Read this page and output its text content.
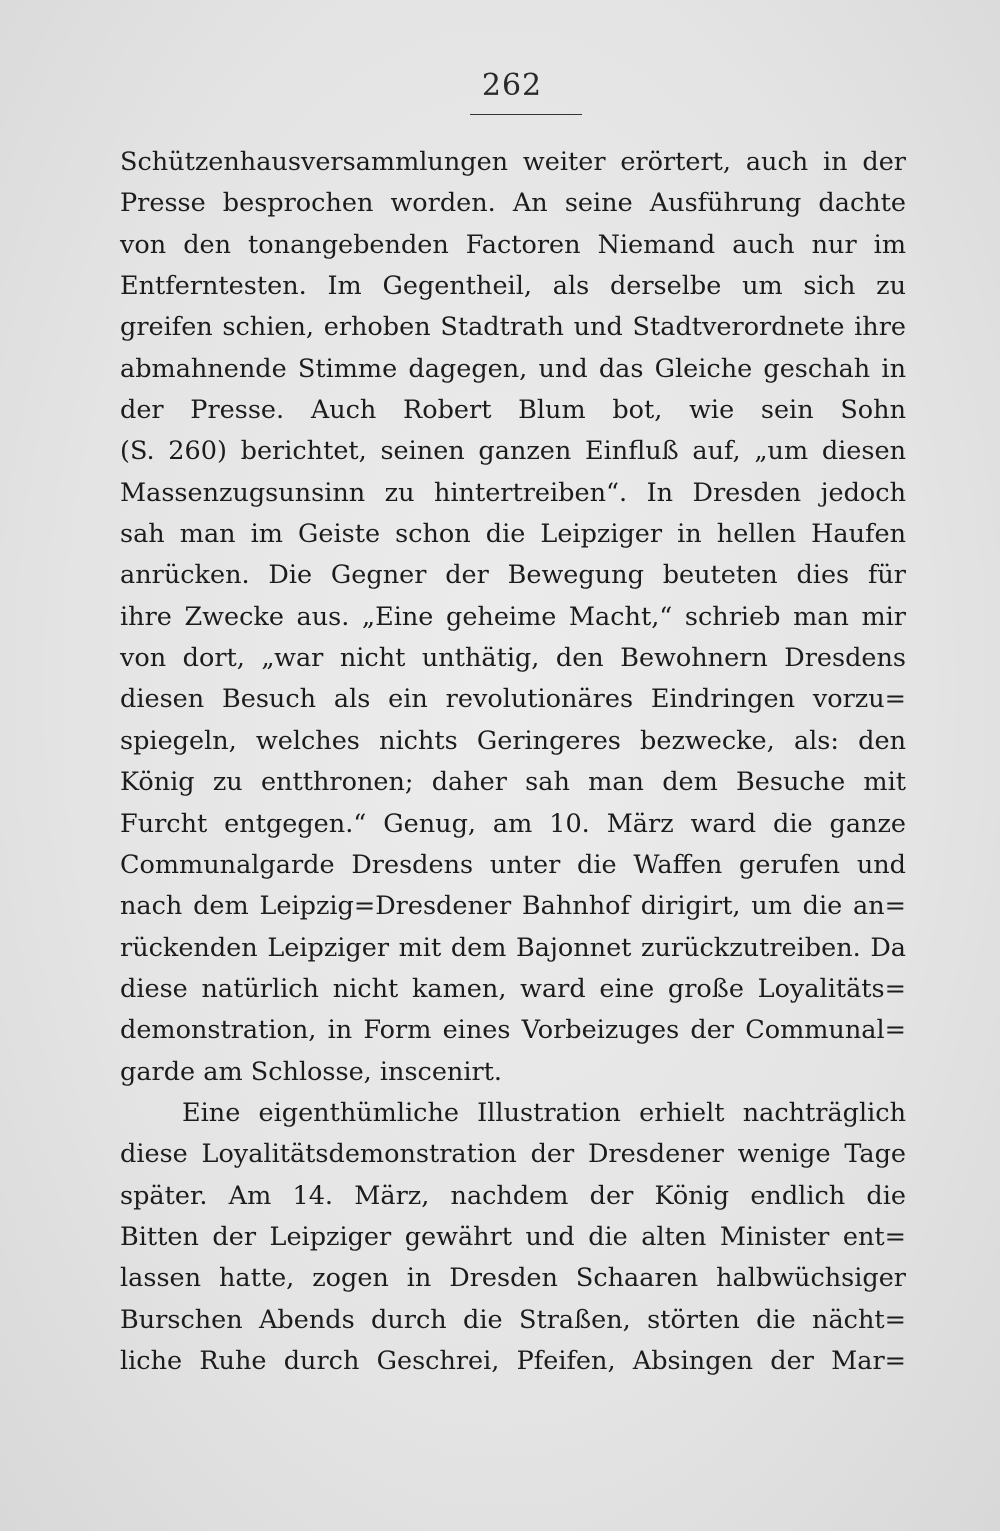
262
Schützenhausversammlungen weiter erörtert, auch in der
Presse besprochen worden. An seine Ausführung dachte
von den tonangebenden Factoren Niemand auch nur im
Entferntesten. Im Gegentheil, als derselbe um sich zu
greifen schien, erhoben Stadtrath und Stadtverordnete ihre
abmahnende Stimme dagegen, und das Gleiche geschah in
der Presse. Auch Robert Blum bot, wie sein Sohn
(S. 260) berichtet, seinen ganzen Einfluß auf, „um diesen
Massenzugsunsinn zu hintertreiben“. In Dresden jedoch
sah man im Geiste schon die Leipziger in hellen Haufen
anrücken. Die Gegner der Bewegung beuteten dies für
ihre Zwecke aus. „Eine geheime Macht,“ schrieb man mir
von dort, „war nicht unthätig, den Bewohnern Dresdens
diesen Besuch als ein revolutionäres Eindringen vorzu=
spiegeln, welches nichts Geringeres bezwecke, als: den
König zu entthronen; daher sah man dem Besuche mit
Furcht entgegen.“ Genug, am 10. März ward die ganze
Communalgarde Dresdens unter die Waffen gerufen und
nach dem Leipzig=Dresdener Bahnhof dirigirt, um die an=
rückenden Leipziger mit dem Bajonnet zurückzutreiben. Da
diese natürlich nicht kamen, ward eine große Loyalitäts=
demonstration, in Form eines Vorbeizuges der Communal=
garde am Schlosse, inscenirt.
Eine eigenthümliche Illustration erhielt nachträglich
diese Loyalitätsdemonstration der Dresdener wenige Tage
später. Am 14. März, nachdem der König endlich die
Bitten der Leipziger gewährt und die alten Minister ent=
lassen hatte, zogen in Dresden Schaaren halbwüchsiger
Burschen Abends durch die Straßen, störten die nächt=
liche Ruhe durch Geschrei, Pfeifen, Absingen der Mar=
